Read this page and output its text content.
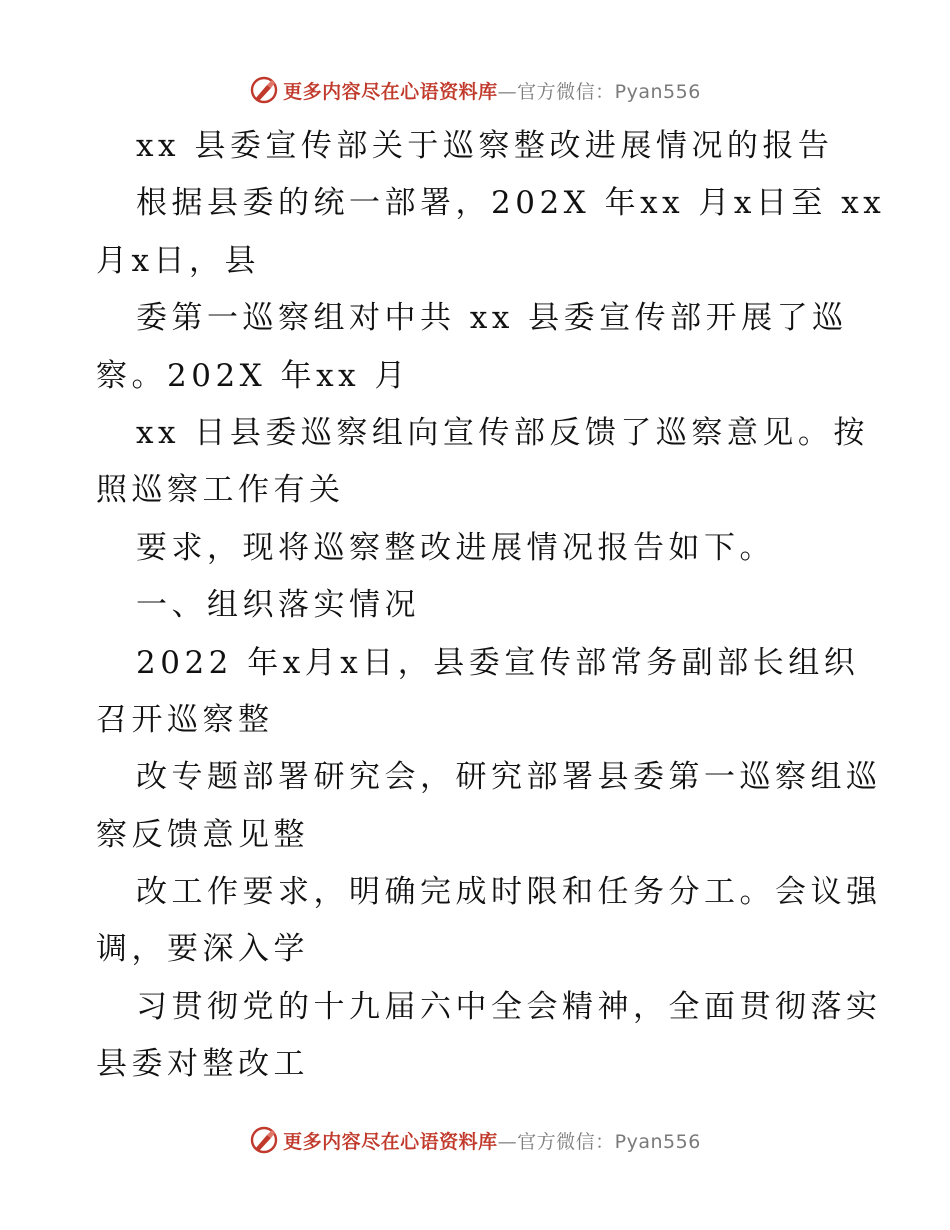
更多内容尽在心语资料库—官方微信：Pyan556
xx 县委宣传部关于巡察整改进展情况的报告
根据县委的统一部署，202X 年xx 月x日至 xx
月x日，县
委第一巡察组对中共 xx 县委宣传部开展了巡
察。202X 年xx 月
xx 日县委巡察组向宣传部反馈了巡察意见。按
照巡察工作有关
要求，现将巡察整改进展情况报告如下。
一、组织落实情况
2022 年x月x日，县委宣传部常务副部长组织
召开巡察整
改专题部署研究会，研究部署县委第一巡察组巡
察反馈意见整
改工作要求，明确完成时限和任务分工。会议强
调，要深入学
习贯彻党的十九届六中全会精神，全面贯彻落实
县委对整改工
更多内容尽在心语资料库—官方微信：Pyan556
